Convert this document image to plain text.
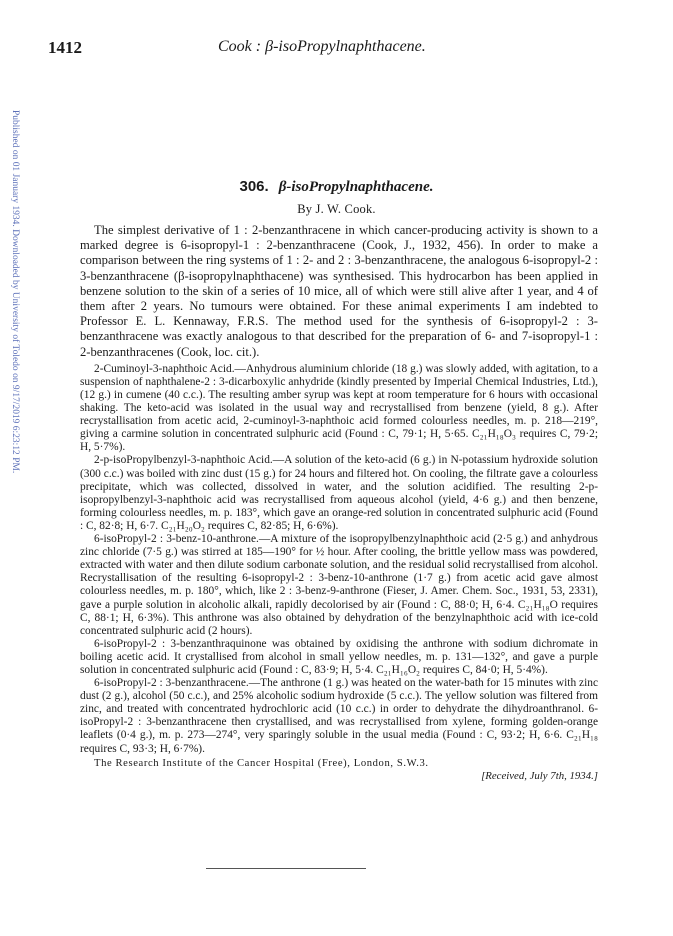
Published on 01 January 1934. Downloaded by University of Toledo on 9/17/2019 6:23:12 PM.
1412	Cook : β-isoPropylnaphthacene.
306. β-isoPropylnaphthacene.
By J. W. Cook.

The simplest derivative of 1 : 2-benzanthracene in which cancer-producing activity is shown to a marked degree is 6-isopropyl-1 : 2-benzanthracene (Cook, J., 1932, 456). In order to make a comparison between the ring systems of 1 : 2- and 2 : 3-benzanthracene, the analogous 6-isopropyl-2 : 3-benzanthracene (β-isopropylnaphthacene) was synthesised. This hydrocarbon has been applied in benzene solution to the skin of a series of 10 mice, all of which were still alive after 1 year, and 4 of them after 2 years. No tumours were obtained. For these animal experiments I am indebted to Professor E. L. Kennaway, F.R.S. The method used for the synthesis of 6-isopropyl-2 : 3-benzanthracene was exactly analogous to that described for the preparation of 6- and 7-isopropyl-1 : 2-benzanthracenes (Cook, loc. cit.).

2-Cuminoyl-3-naphthoic Acid.—Anhydrous aluminium chloride (18 g.) was slowly added, with agitation, to a suspension of naphthalene-2 : 3-dicarboxylic anhydride (kindly presented by Imperial Chemical Industries, Ltd.), (12 g.) in cumene (40 c.c.). The resulting amber syrup was kept at room temperature for 6 hours with occasional shaking. The keto-acid was isolated in the usual way and recrystallised from benzene (yield, 8 g.). After recrystallisation from acetic acid, 2-cuminoyl-3-naphthoic acid formed colourless needles, m. p. 218—219°, giving a carmine solution in concentrated sulphuric acid (Found : C, 79·1; H, 5·65. C₂₁H₁₈O₃ requires C, 79·2; H, 5·7%).

2-p-isoPropylbenzyl-3-naphthoic Acid.—A solution of the keto-acid (6 g.) in N-potassium hydroxide solution (300 c.c.) was boiled with zinc dust (15 g.) for 24 hours and filtered hot. On cooling, the filtrate gave a colourless precipitate, which was collected, dissolved in water, and the solution acidified. The resulting 2-p-isopropylbenzyl-3-naphthoic acid was recrystallised from aqueous alcohol (yield, 4·6 g.) and then benzene, forming colourless needles, m. p. 183°, which gave an orange-red solution in concentrated sulphuric acid (Found : C, 82·8; H, 6·7. C₂₁H₂₀O₂ requires C, 82·85; H, 6·6%).

6-isoPropyl-2 : 3-benz-10-anthrone.—A mixture of the isopropylbenzylnaphthoic acid (2·5 g.) and anhydrous zinc chloride (7·5 g.) was stirred at 185—190° for ½ hour. After cooling, the brittle yellow mass was powdered, extracted with water and then dilute sodium carbonate solution, and the residual solid recrystallised from alcohol. Recrystallisation of the resulting 6-isopropyl-2 : 3-benz-10-anthrone (1·7 g.) from acetic acid gave almost colourless needles, m. p. 180°, which, like 2 : 3-benz-9-anthrone (Fieser, J. Amer. Chem. Soc., 1931, 53, 2331), gave a purple solution in alcoholic alkali, rapidly decolorised by air (Found : C, 88·0; H, 6·4. C₂₁H₁₈O requires C, 88·1; H, 6·3%). This anthrone was also obtained by dehydration of the benzylnaphthoic acid with ice-cold concentrated sulphuric acid (2 hours).

6-isoPropyl-2 : 3-benzanthraquinone was obtained by oxidising the anthrone with sodium dichromate in boiling acetic acid. It crystallised from alcohol in small yellow needles, m. p. 131—132°, and gave a purple solution in concentrated sulphuric acid (Found : C, 83·9; H, 5·4. C₂₁H₁₆O₂ requires C, 84·0; H, 5·4%).

6-isoPropyl-2 : 3-benzanthracene.—The anthrone (1 g.) was heated on the water-bath for 15 minutes with zinc dust (2 g.), alcohol (50 c.c.), and 25% alcoholic sodium hydroxide (5 c.c.). The yellow solution was filtered from zinc, and treated with concentrated hydrochloric acid (10 c.c.) in order to dehydrate the dihydroanthranol. 6-isoPropyl-2 : 3-benzanthracene then crystallised, and was recrystallised from xylene, forming golden-orange leaflets (0·4 g.), m. p. 273—274°, very sparingly soluble in the usual media (Found : C, 93·2; H, 6·6. C₂₁H₁₈ requires C, 93·3; H, 6·7%).

The Research Institute of the Cancer Hospital (Free), London, S.W.3.
[Received, July 7th, 1934.]
